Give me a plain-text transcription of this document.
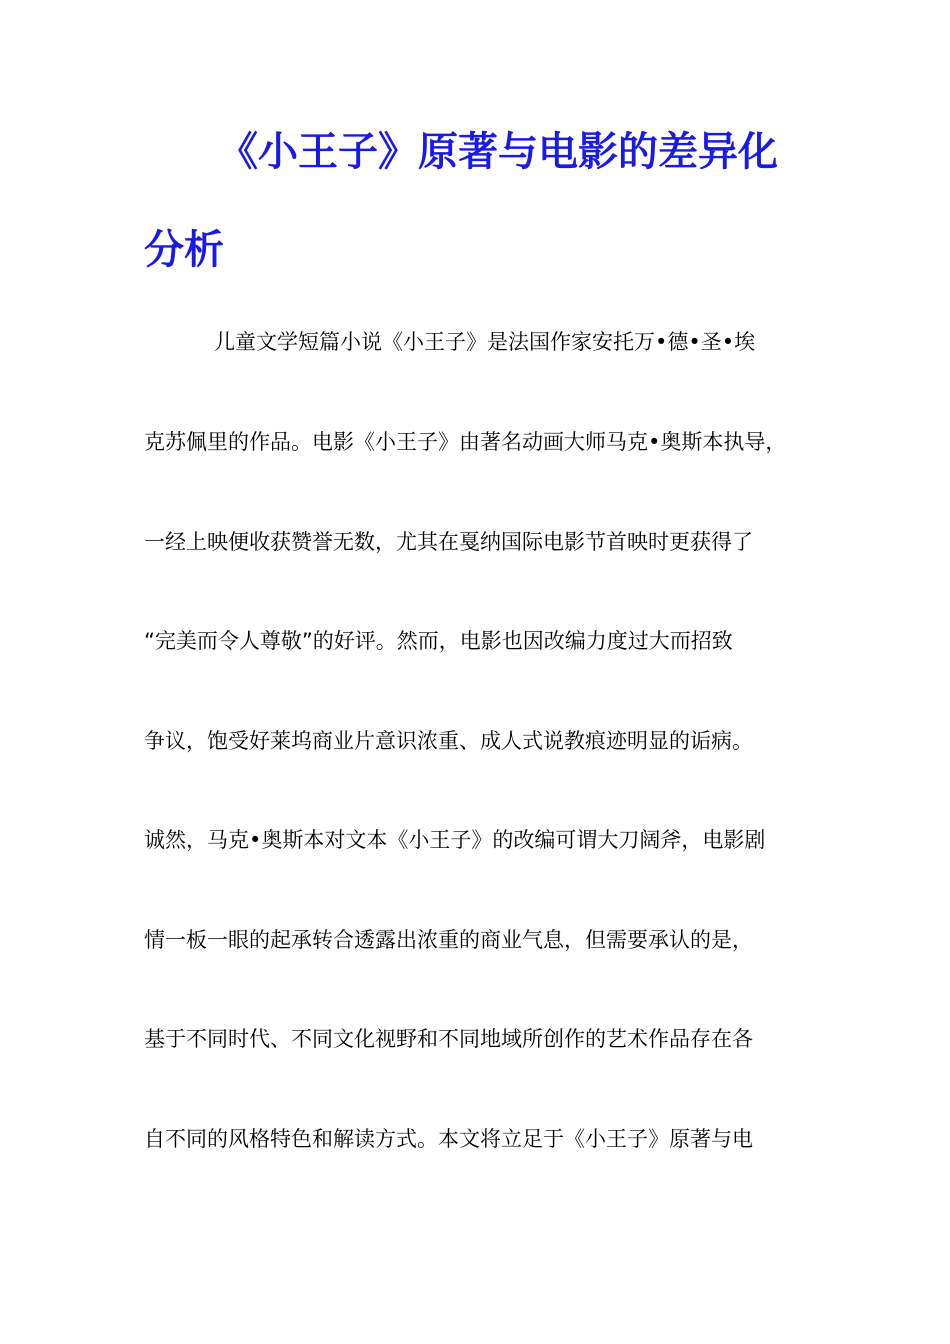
《小王子》原著与电影的差异化
分析
儿童文学短篇小说《小王子》是法国作家安托万•德•圣•埃
克苏佩里的作品。电影《小王子》由著名动画大师马克•奥斯本执导，
一经上映便收获赞誉无数，尤其在戛纳国际电影节首映时更获得了
“完美而令人尊敬”的好评。然而，电影也因改编力度过大而招致
争议，饱受好莱坞商业片意识浓重、成人式说教痕迹明显的诟病。
诚然，马克•奥斯本对文本《小王子》的改编可谓大刀阔斧，电影剧
情一板一眼的起承转合透露出浓重的商业气息，但需要承认的是，
基于不同时代、不同文化视野和不同地域所创作的艺术作品存在各
自不同的风格特色和解读方式。本文将立足于《小王子》原著与电
